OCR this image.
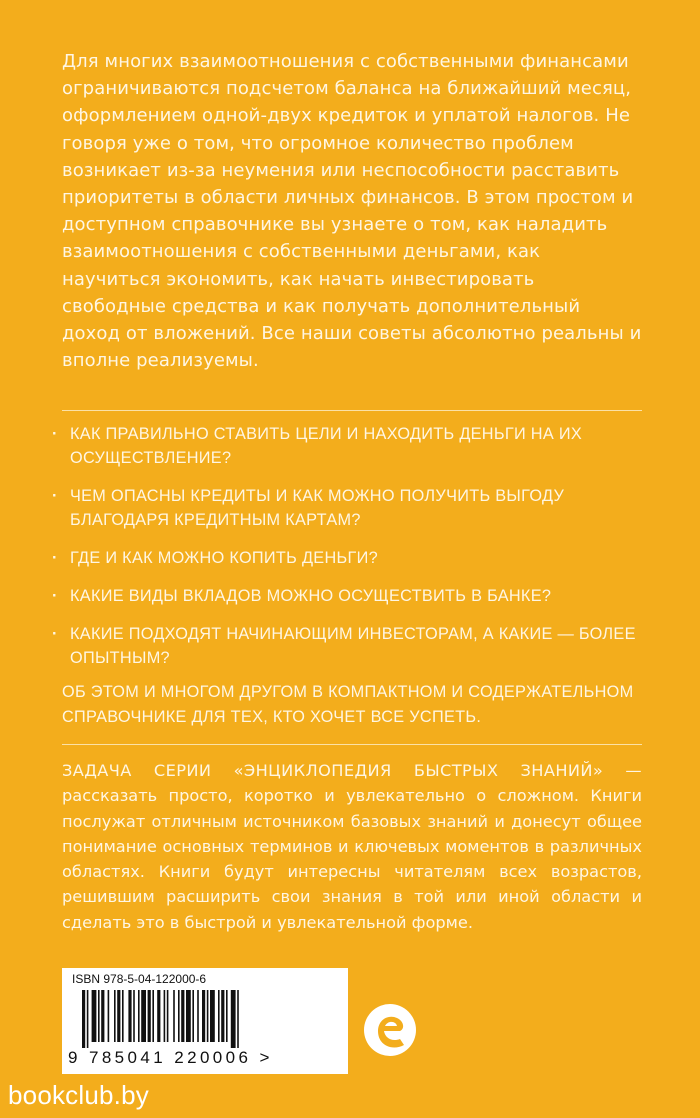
Для многих взаимоотношения с собственными финансами ограничиваются подсчетом баланса на ближайший месяц, оформлением одной-двух кредиток и уплатой налогов. Не говоря уже о том, что огромное количество проблем возникает из-за неумения или неспособности расставить приоритеты в области личных финансов. В этом простом и доступном справочнике вы узнаете о том, как наладить взаимоотношения с собственными деньгами, как научиться экономить, как начать инвестировать свободные средства и как получать дополнительный доход от вложений. Все наши советы абсолютно реальны и вполне реализуемы.
· КАК ПРАВИЛЬНО СТАВИТЬ ЦЕЛИ И НАХОДИТЬ ДЕНЬГИ НА ИХ ОСУЩЕСТВЛЕНИЕ?
· ЧЕМ ОПАСНЫ КРЕДИТЫ И КАК МОЖНО ПОЛУЧИТЬ ВЫГОДУ БЛАГОДАРЯ КРЕДИТНЫМ КАРТАМ?
· ГДЕ И КАК МОЖНО КОПИТЬ ДЕНЬГИ?
· КАКИЕ ВИДЫ ВКЛАДОВ МОЖНО ОСУЩЕСТВИТЬ В БАНКЕ?
· КАКИЕ ПОДХОДЯТ НАЧИНАЮЩИМ ИНВЕСТОРАМ, А КАКИЕ — БОЛЕЕ ОПЫТНЫМ?
ОБ ЭТОМ И МНОГОМ ДРУГОМ В КОМПАКТНОМ И СОДЕРЖАТЕЛЬНОМ СПРАВОЧНИКЕ ДЛЯ ТЕХ, КТО ХОЧЕТ ВСЕ УСПЕТЬ.
ЗАДАЧА СЕРИИ «ЭНЦИКЛОПЕДИЯ БЫСТРЫХ ЗНАНИЙ» — рассказать просто, коротко и увлекательно о сложном. Книги послужат отличным источником базовых знаний и донесут общее понимание основных терминов и ключевых моментов в различных областях. Книги будут интересны читателям всех возрастов, решившим расширить свои знания в той или иной области и сделать это в быстрой и увлекательной форме.
ISBN 978-5-04-122000-6
9 785041 220006 >
bookclub.by
